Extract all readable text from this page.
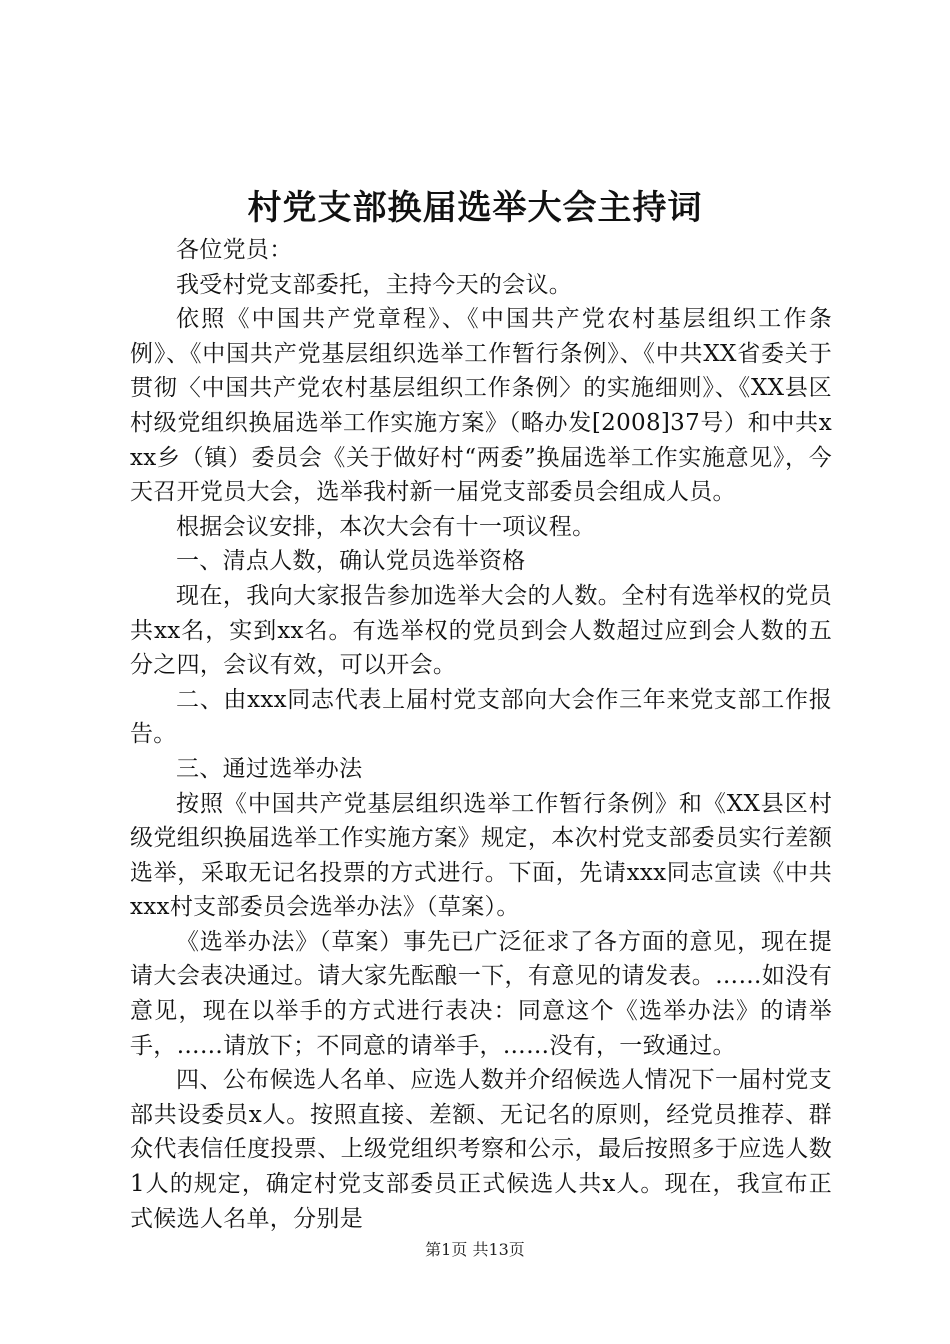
村党支部换届选举大会主持词

各位党员：

我受村党支部委托，主持今天的会议。

依照《中国共产党章程》、《中国共产党农村基层组织工作条例》、《中国共产党基层组织选举工作暂行条例》、《中共XX省委关于贯彻〈中国共产党农村基层组织工作条例〉的实施细则》、《XX县区村级党组织换届选举工作实施方案》（略办发[2008]37号）和中共xxx乡（镇）委员会《关于做好村“两委”换届选举工作实施意见》，今天召开党员大会，选举我村新一届党支部委员会组成人员。

根据会议安排，本次大会有十一项议程。

一、清点人数，确认党员选举资格

现在，我向大家报告参加选举大会的人数。全村有选举权的党员共xx名，实到xx名。有选举权的党员到会人数超过应到会人数的五分之四，会议有效，可以开会。

二、由xxx同志代表上届村党支部向大会作三年来党支部工作报告。

三、通过选举办法

按照《中国共产党基层组织选举工作暂行条例》和《XX县区村级党组织换届选举工作实施方案》规定，本次村党支部委员实行差额选举，采取无记名投票的方式进行。下面，先请xxx同志宣读《中共xxx村支部委员会选举办法》（草案）。

《选举办法》（草案）事先已广泛征求了各方面的意见，现在提请大会表决通过。请大家先酝酿一下，有意见的请发表。……如没有意见，现在以举手的方式进行表决：同意这个《选举办法》的请举手，……请放下；不同意的请举手，……没有，一致通过。

四、公布候选人名单、应选人数并介绍候选人情况下一届村党支部共设委员x人。按照直接、差额、无记名的原则，经党员推荐、群众代表信任度投票、上级党组织考察和公示，最后按照多于应选人数1人的规定，确定村党支部委员正式候选人共x人。现在，我宣布正式候选人名单，分别是

第1页 共13页
